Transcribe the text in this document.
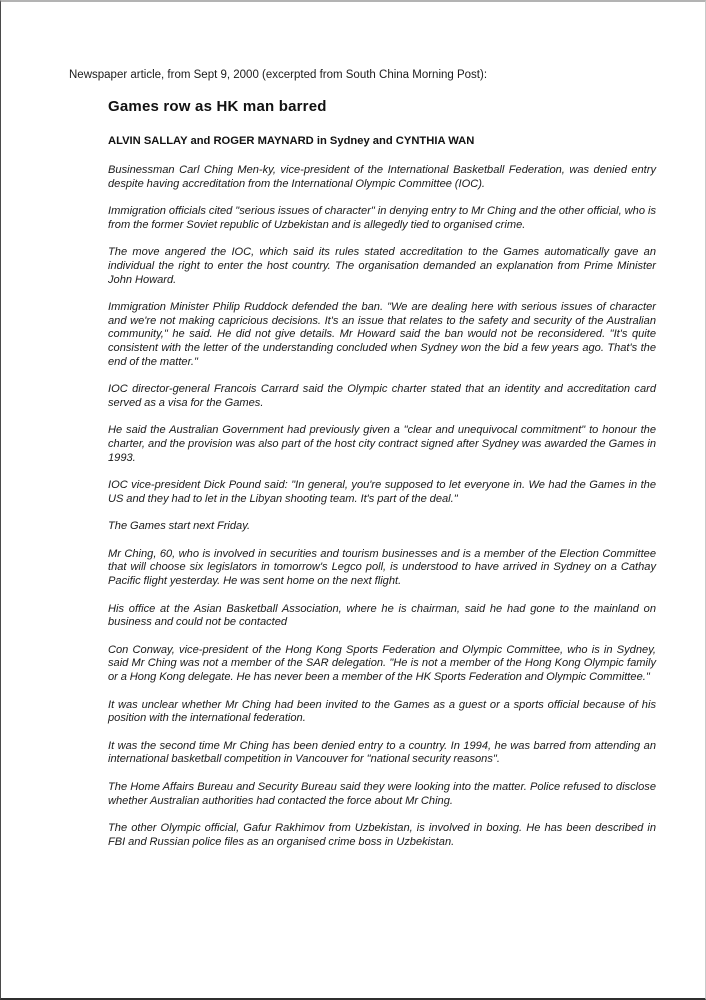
Newspaper article, from Sept 9, 2000 (excerpted from South China Morning Post):
Games row as HK man barred

ALVIN SALLAY and ROGER MAYNARD in Sydney and CYNTHIA WAN

Businessman Carl Ching Men-ky, vice-president of the International Basketball Federation, was denied entry despite having accreditation from the International Olympic Committee (IOC).

Immigration officials cited "serious issues of character" in denying entry to Mr Ching and the other official, who is from the former Soviet republic of Uzbekistan and is allegedly tied to organised crime.

The move angered the IOC, which said its rules stated accreditation to the Games automatically gave an individual the right to enter the host country. The organisation demanded an explanation from Prime Minister John Howard.

Immigration Minister Philip Ruddock defended the ban. "We are dealing here with serious issues of character and we're not making capricious decisions. It's an issue that relates to the safety and security of the Australian community," he said. He did not give details. Mr Howard said the ban would not be reconsidered. "It's quite consistent with the letter of the understanding concluded when Sydney won the bid a few years ago. That's the end of the matter."

IOC director-general Francois Carrard said the Olympic charter stated that an identity and accreditation card served as a visa for the Games.

He said the Australian Government had previously given a "clear and unequivocal commitment" to honour the charter, and the provision was also part of the host city contract signed after Sydney was awarded the Games in 1993.

IOC vice-president Dick Pound said: "In general, you're supposed to let everyone in. We had the Games in the US and they had to let in the Libyan shooting team. It's part of the deal."

The Games start next Friday.

Mr Ching, 60, who is involved in securities and tourism businesses and is a member of the Election Committee that will choose six legislators in tomorrow's Legco poll, is understood to have arrived in Sydney on a Cathay Pacific flight yesterday. He was sent home on the next flight.

His office at the Asian Basketball Association, where he is chairman, said he had gone to the mainland on business and could not be contacted

Con Conway, vice-president of the Hong Kong Sports Federation and Olympic Committee, who is in Sydney, said Mr Ching was not a member of the SAR delegation. "He is not a member of the Hong Kong Olympic family or a Hong Kong delegate. He has never been a member of the HK Sports Federation and Olympic Committee."

It was unclear whether Mr Ching had been invited to the Games as a guest or a sports official because of his position with the international federation.

It was the second time Mr Ching has been denied entry to a country. In 1994, he was barred from attending an international basketball competition in Vancouver for "national security reasons".

The Home Affairs Bureau and Security Bureau said they were looking into the matter. Police refused to disclose whether Australian authorities had contacted the force about Mr Ching.

The other Olympic official, Gafur Rakhimov from Uzbekistan, is involved in boxing. He has been described in FBI and Russian police files as an organised crime boss in Uzbekistan.
